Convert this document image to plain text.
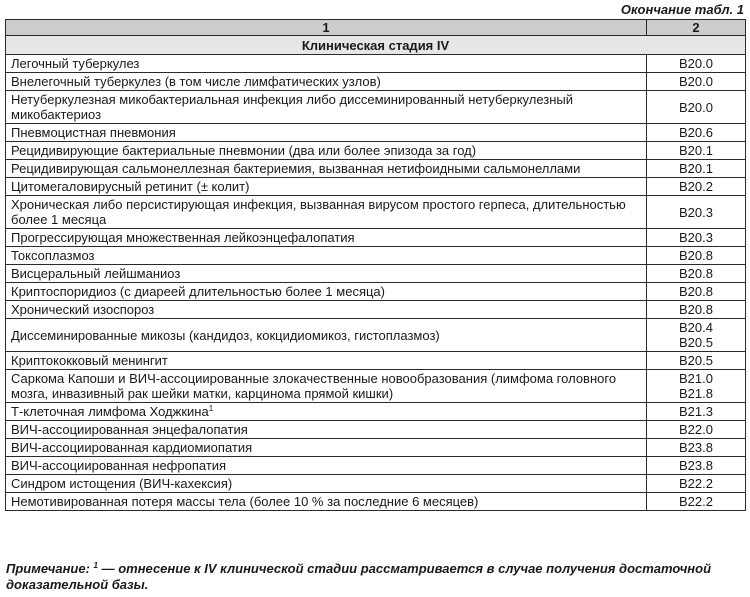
Окончание табл. 1
1	2
Клиническая стадия IV	
Легочный туберкулез	B20.0
Внелегочный туберкулез (в том числе лимфатических узлов)	B20.0
Нетуберкулезная микобактериальная инфекция либо диссеминированный нетуберкулезный микобактериоз	B20.0
Пневмоцистная пневмония	B20.6
Рецидивирующие бактериальные пневмонии (два или более эпизода за год)	B20.1
Рецидивирующая сальмонеллезная бактериемия, вызванная нетифоидными сальмонеллами	B20.1
Цитомегаловирусный ретинит (± колит)	B20.2
Хроническая либо персистирующая инфекция, вызванная вирусом простого герпеса, длительностью более 1 месяца	B20.3
Прогрессирующая множественная лейкоэнцефалопатия	B20.3
Токсоплазмоз	B20.8
Висцеральный лейшманиоз	B20.8
Криптоспоридиоз (с диареей длительностью более 1 месяца)	B20.8
Хронический изоспороз	B20.8
Диссеминированные микозы (кандидоз, кокцидиомикоз, гистоплазмоз)	B20.4
B20.5
Криптококковый менингит	B20.5
Саркома Капоши и ВИЧ-ассоциированные злокачественные новообразования (лимфома головного мозга, инвазивный рак шейки матки, карцинома прямой кишки)	B21.0
B21.8
Т-клеточная лимфома Ходжкина$^1$	B21.3
ВИЧ-ассоциированная энцефалопатия	B22.0
ВИЧ-ассоциированная кардиомиопатия	B23.8
ВИЧ-ассоциированная нефропатия	B23.8
Синдром истощения (ВИЧ-кахексия)	B22.2
Немотивированная потеря массы тела (более 10 % за последние 6 месяцев)	B22.2
Примечание: $^1$ — отнесение к IV клинической стадии рассматривается в случае получения достаточной доказательной базы.
